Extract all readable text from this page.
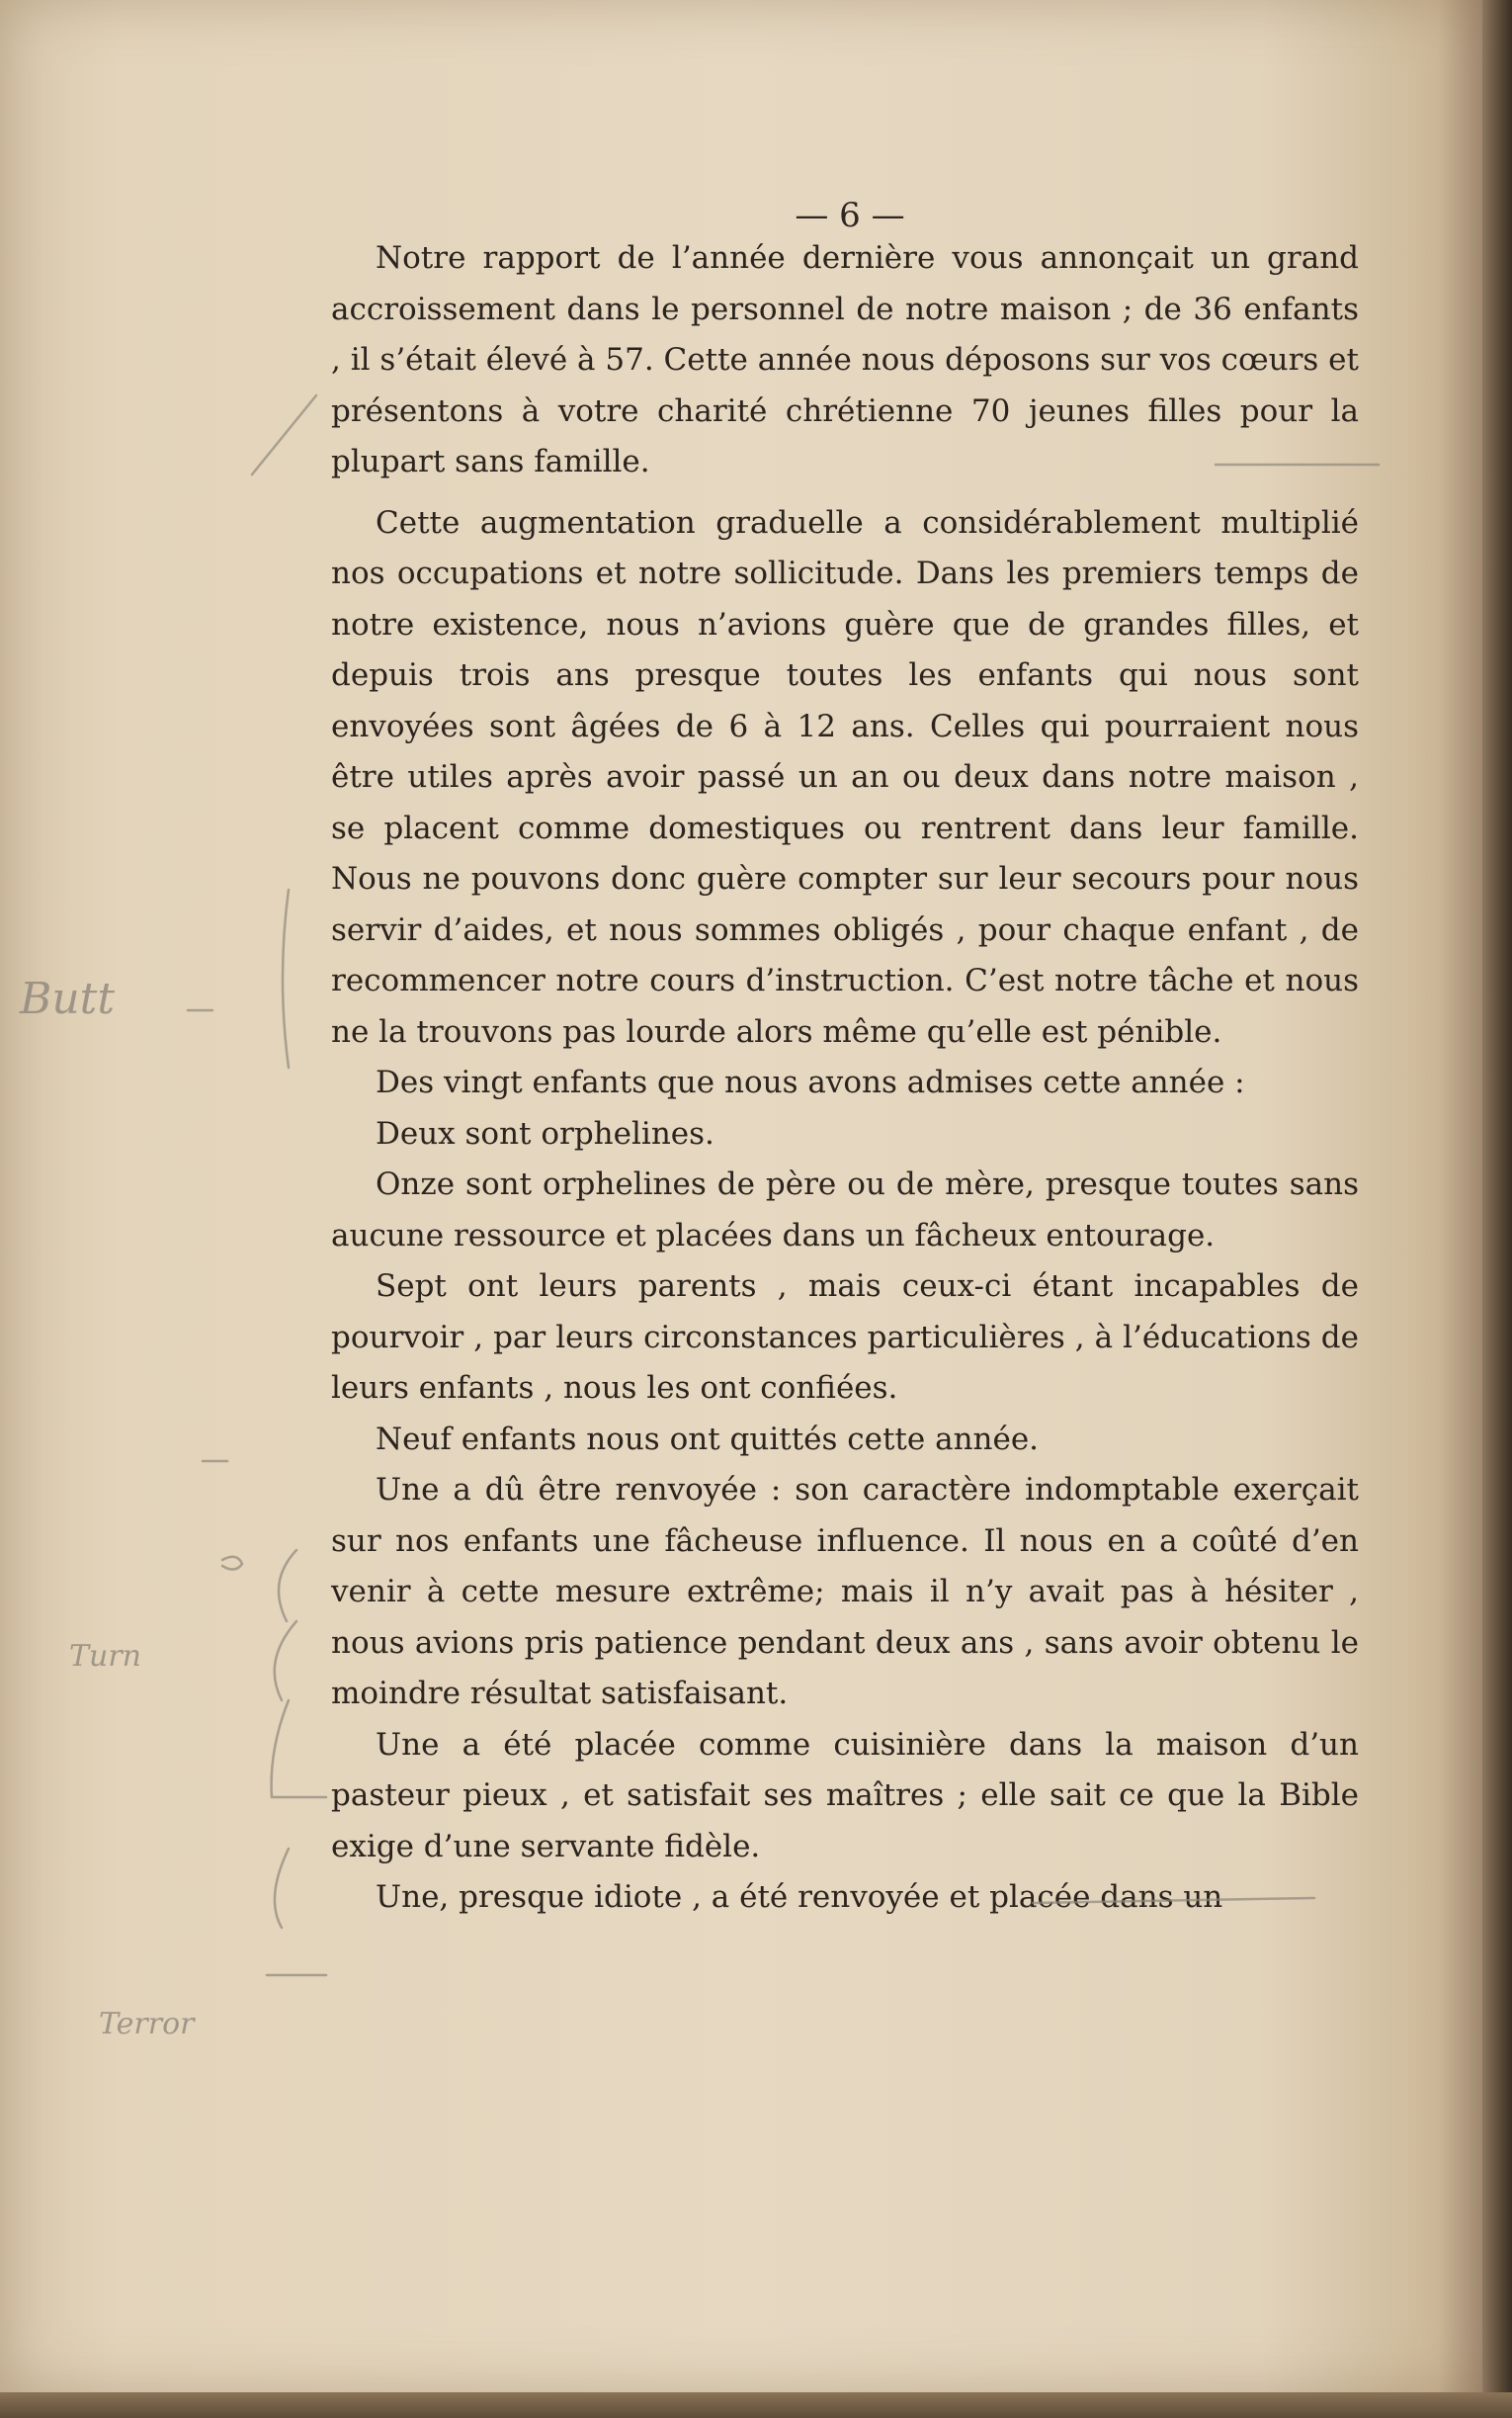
— 6 —

Notre rapport de l’année dernière vous annonçait un grand accroissement dans le personnel de notre maison ; de 36 enfants , il s’était élevé à 57. Cette année nous déposons sur vos cœurs et présentons à votre charité chrétienne 70 jeunes filles pour la plupart sans famille.

Cette augmentation graduelle a considérablement multiplié nos occupations et notre sollicitude. Dans les premiers temps de notre existence, nous n’avions guère que de grandes filles, et depuis trois ans presque toutes les enfants qui nous sont envoyées sont âgées de 6 à 12 ans. Celles qui pourraient nous être utiles après avoir passé un an ou deux dans notre maison , se placent comme domestiques ou rentrent dans leur famille. Nous ne pouvons donc guère compter sur leur secours pour nous servir d’aides, et nous sommes obligés , pour chaque enfant , de recommencer notre cours d’instruction. C’est notre tâche et nous ne la trouvons pas lourde alors même qu’elle est pénible.

Des vingt enfants que nous avons admises cette année :

Deux sont orphelines.

Onze sont orphelines de père ou de mère, presque toutes sans aucune ressource et placées dans un fâcheux entourage.

Sept ont leurs parents , mais ceux-ci étant incapables de pourvoir , par leurs circonstances particulières , à l’éducations de leurs enfants , nous les ont confiées.

Neuf enfants nous ont quittés cette année.

Une a dû être renvoyée : son caractère indomptable exerçait sur nos enfants une fâcheuse influence. Il nous en a coûté d’en venir à cette mesure extrême; mais il n’y avait pas à hésiter , nous avions pris patience pendant deux ans , sans avoir obtenu le moindre résultat satisfaisant.

Une a été placée comme cuisinière dans la maison d’un pasteur pieux , et satisfait ses maîtres ; elle sait ce que la Bible exige d’une servante fidèle.

Une, presque idiote , a été renvoyée et placée dans un

Butt
Turn
Terror
